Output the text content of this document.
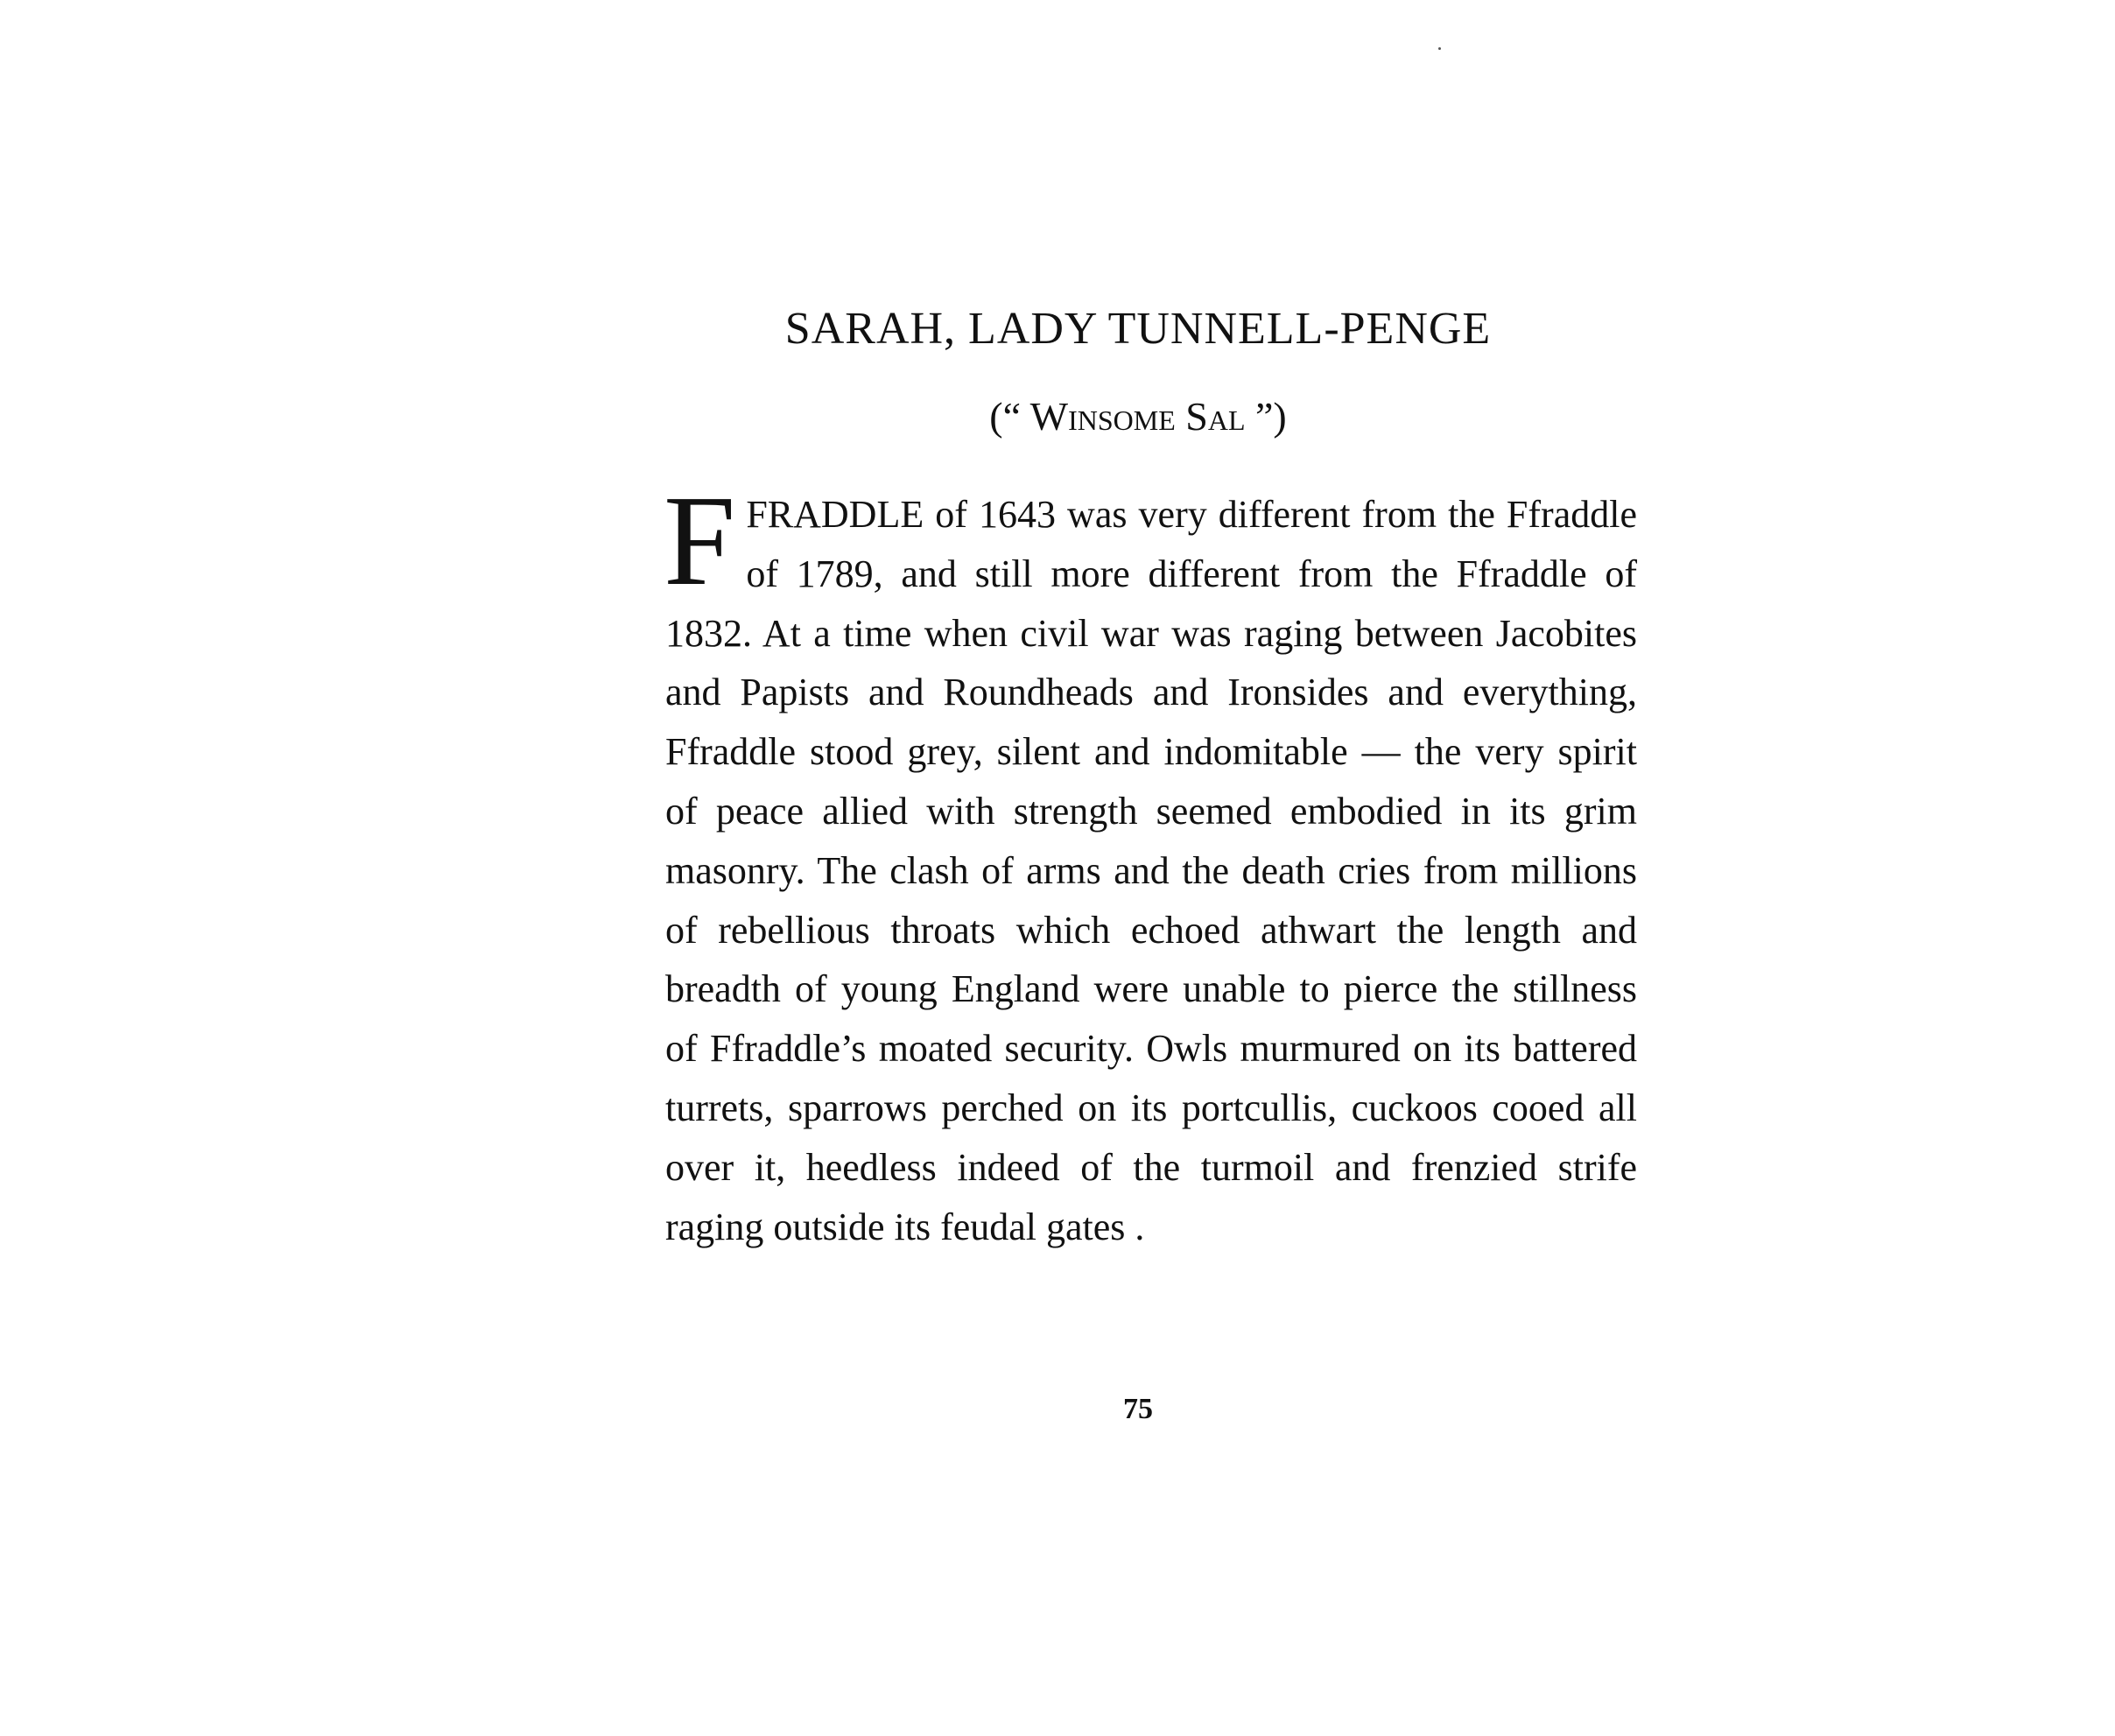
SARAH, LADY TUNNELL-PENGE
(“ Winsome Sal ”)
FFRADDLE of 1643 was very different from the Ffraddle of 1789, and still more different from the Ffraddle of 1832. At a time when civil war was raging between Jacobites and Papists and Roundheads and Ironsides and everything, Ffraddle stood grey, silent and indomitable — the very spirit of peace allied with strength seemed embodied in its grim masonry. The clash of arms and the death cries from millions of rebellious throats which echoed athwart the length and breadth of young England were unable to pierce the stillness of Ffraddle’s moated security. Owls murmured on its battered turrets, sparrows perched on its portcullis, cuckoos cooed all over it, heedless indeed of the turmoil and frenzied strife raging outside its feudal gates .
75
